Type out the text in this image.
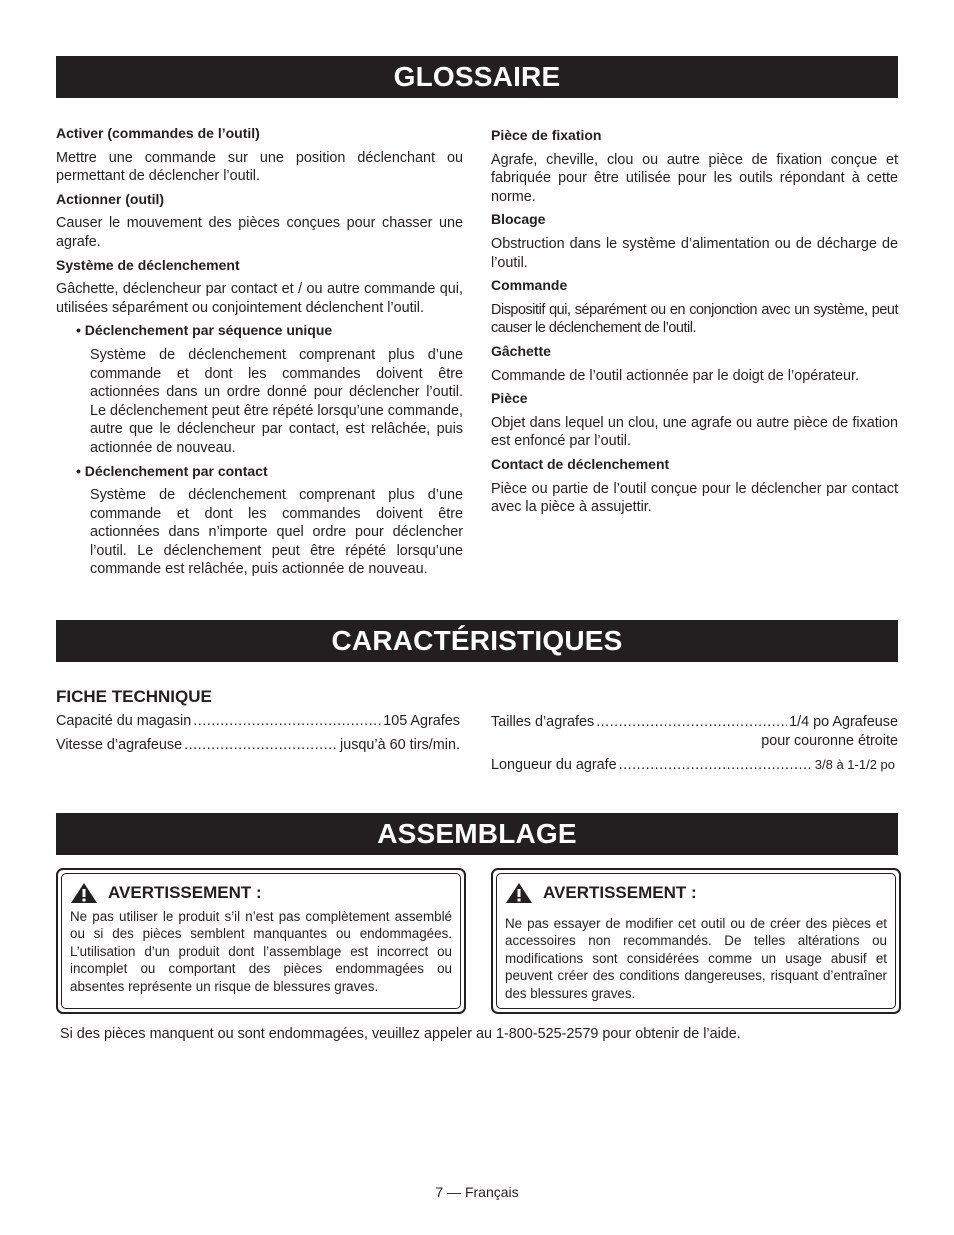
GLOSSAIRE
Activer (commandes de l’outil)
Mettre une commande sur une position déclenchant ou permettant de déclencher l’outil.
Actionner (outil)
Causer le mouvement des pièces conçues pour chasser une agrafe.
Système de déclenchement
Gâchette, déclencheur par contact et / ou autre commande qui, utilisées séparément ou conjointement déclenchent l’outil.
• Déclenchement par séquence unique
Système de déclenchement comprenant plus d’une commande et dont les commandes doivent être actionnées dans un ordre donné pour déclencher l’outil. Le déclenchement peut être répété lorsqu’une commande, autre que le déclencheur par contact, est relâchée, puis actionnée de nouveau.
• Déclenchement par contact
Système de déclenchement comprenant plus d’une commande et dont les commandes doivent être actionnées dans n’importe quel ordre pour déclencher l’outil. Le déclenchement peut être répété lorsqu’une commande est relâchée, puis actionnée de nouveau.
Pièce de fixation
Agrafe, cheville, clou ou autre pièce de fixation conçue et fabriquée pour être utilisée pour les outils répondant à cette norme.
Blocage
Obstruction dans le système d’alimentation ou de décharge de l’outil.
Commande
Dispositif qui, séparément ou en conjonction avec un système, peut causer le déclenchement de l’outil.
Gâchette
Commande de l’outil actionnée par le doigt de l’opérateur.
Pièce
Objet dans lequel un clou, une agrafe ou autre pièce de fixation est enfoncé par l’outil.
Contact de déclenchement
Pièce ou partie de l’outil conçue pour le déclencher par contact avec la pièce à assujettir.
CARACTÉRISTIQUES
FICHE TECHNIQUE
Capacité du magasin .....	105 Agrafes
Vitesse d’agrafeuse .....	jusqu’à 60 tirs/min.
Tailles d’agrafes .....	1/4 po Agrafeuse
pour couronne étroite
Longueur du agrafe .....	3/8 à 1-1/2 po
ASSEMBLAGE
AVERTISSEMENT :
Ne pas utiliser le produit s’il n’est pas complètement assemblé ou si des pièces semblent manquantes ou endommagées. L’utilisation d’un produit dont l’assemblage est incorrect ou incomplet ou comportant des pièces endommagées ou absentes représente un risque de blessures graves.
AVERTISSEMENT :
Ne pas essayer de modifier cet outil ou de créer des pièces et accessoires non recommandés. De telles altérations ou modifications sont considérées comme un usage abusif et peuvent créer des conditions dangereuses, risquant d’entraîner des blessures graves.
Si des pièces manquent ou sont endommagées, veuillez appeler au 1-800-525-2579 pour obtenir de l’aide.
7 — Français
